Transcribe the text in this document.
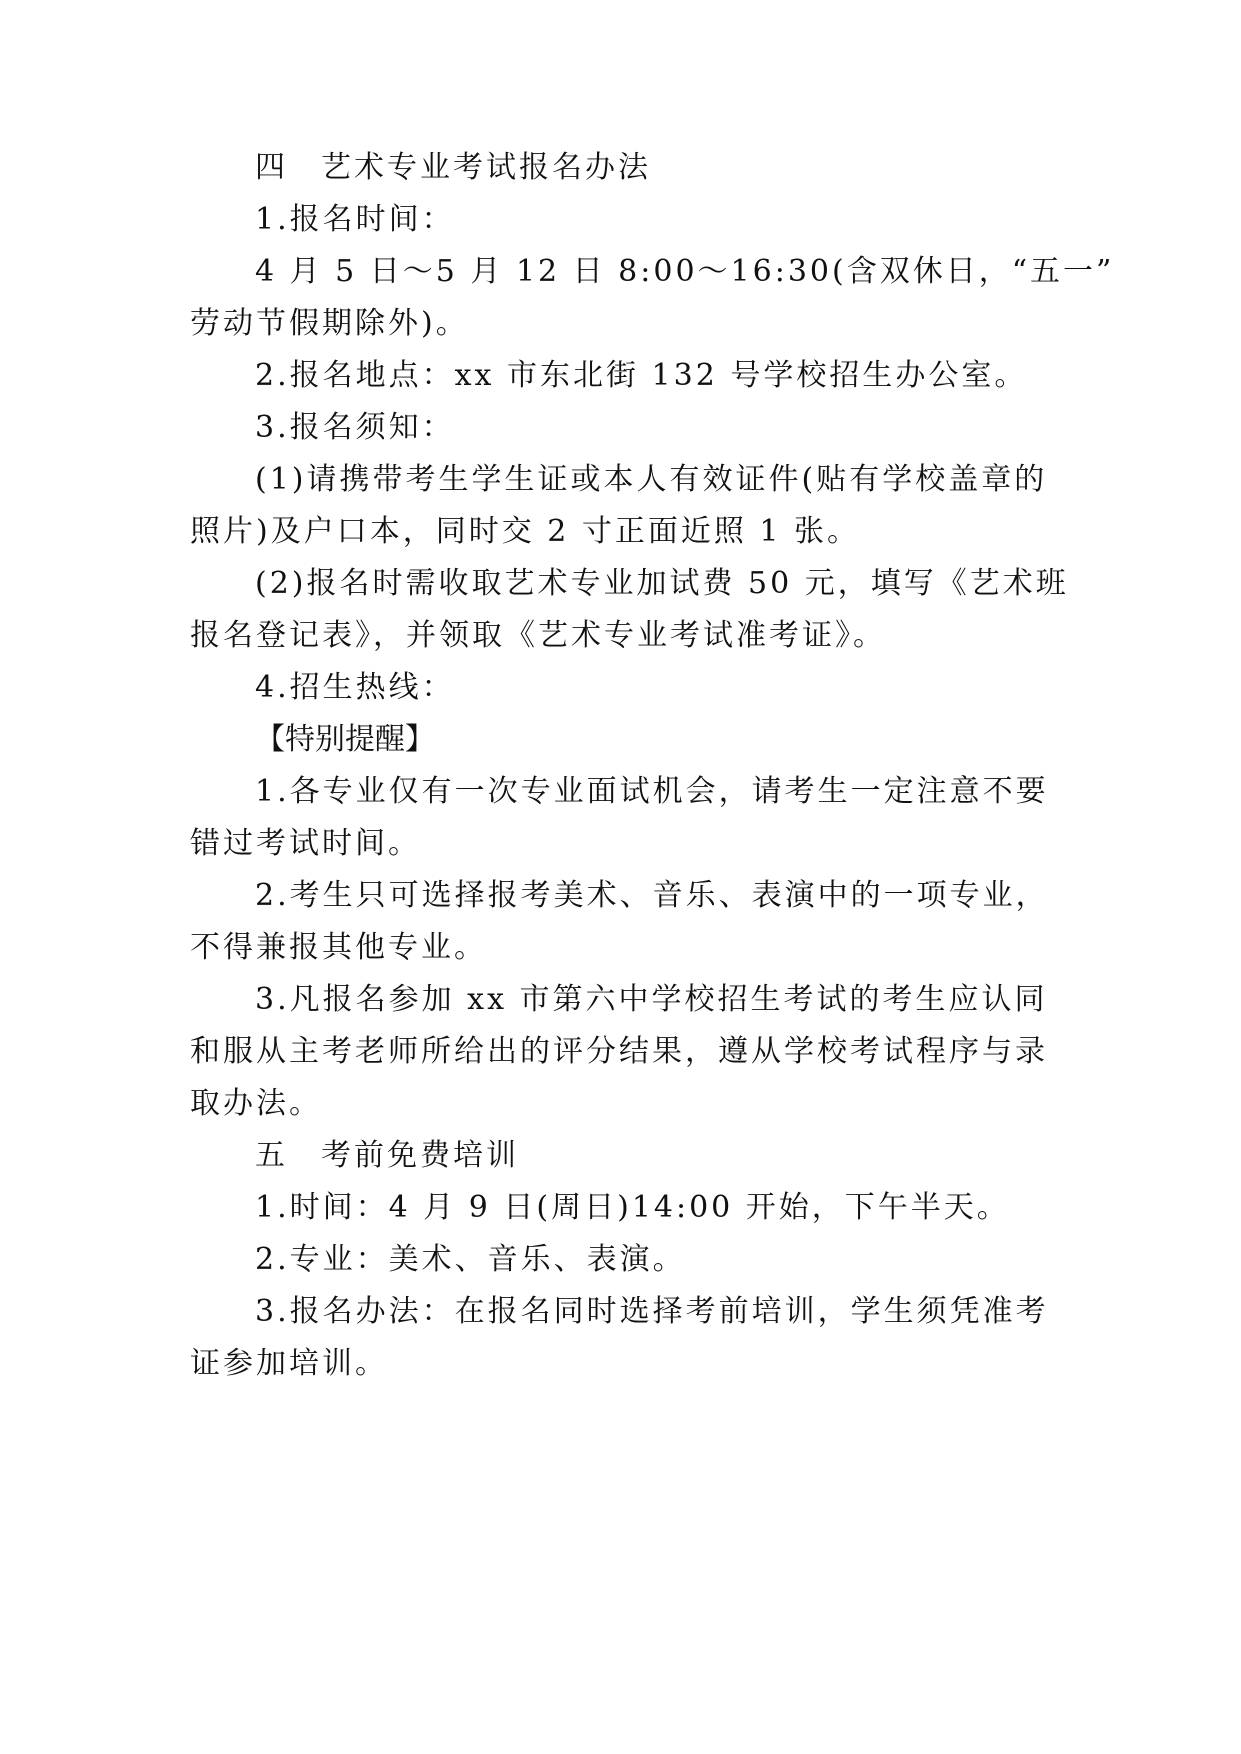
四　艺术专业考试报名办法
1.报名时间：
4 月 5 日～5 月 12 日 8:00～16:30(含双休日，“五一”
劳动节假期除外)。
2.报名地点：xx 市东北街 132 号学校招生办公室。
3.报名须知：
(1)请携带考生学生证或本人有效证件(贴有学校盖章的
照片)及户口本，同时交 2 寸正面近照 1 张。
(2)报名时需收取艺术专业加试费 50 元，填写《艺术班
报名登记表》，并领取《艺术专业考试准考证》。
4.招生热线：
【特别提醒】
1.各专业仅有一次专业面试机会，请考生一定注意不要
错过考试时间。
2.考生只可选择报考美术、音乐、表演中的一项专业，
不得兼报其他专业。
3.凡报名参加 xx 市第六中学校招生考试的考生应认同
和服从主考老师所给出的评分结果，遵从学校考试程序与录
取办法。
五　考前免费培训
1.时间：4 月 9 日(周日)14:00 开始，下午半天。
2.专业：美术、音乐、表演。
3.报名办法：在报名同时选择考前培训，学生须凭准考
证参加培训。
